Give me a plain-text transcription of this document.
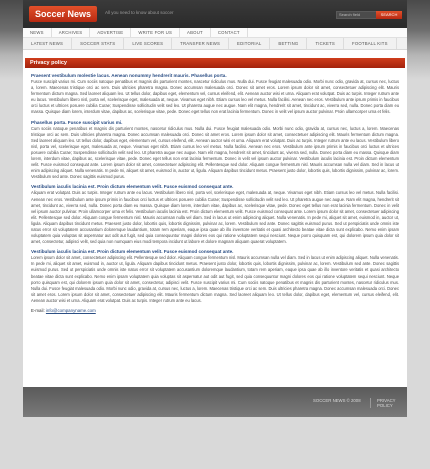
Soccer News	All you need to know about soccer	Search field	SEARCH
NEWS	ARCHIVES	ADVERTISE	WRITE FOR US	ABOUT	CONTACT
LATEST NEWS	SOCCER STATS	LIVE SCORES	TRANSFER NEWS	EDITORIAL	BETTING	TICKETS	FOOTBALL KITS
Privacy policy
Praesent vestibulum molestie lacus. Aenean nonummy hendrerit mauris. Phasellus porta.
Fusce suscipit varius mi. Cum sociis natoque penatibus et magnis dis parturient montes, nascetur ridiculus mus. Nulla dui. Fusce feugiat malesuada odio. Morbi nunc odio, gravida at, cursus nec, luctus a, lorem. Maecenas tristique orci ac sem. Duis ultricies pharetra magna. Donec accumsan malesuada orci. Donec sit amet eros. Lorem ipsum dolor sit amet, consectetuer adipiscing elit. Mauris fermentum dictum magna. Sed laoreet aliquam leo. Ut tellus dolor, dapibus eget, elementum vel, cursus eleifend, elit. Aenean auctor wisi et urna. Aliquam erat volutpat. Duis ac turpis. Integer rutrum ante eu lacus. Vestibulum libero nisl, porta vel, scelerisque eget, malesuada at, neque. Vivamus eget nibh. Etiam cursus leo vel metus. Nulla facilisi. Aenean nec eros. Vestibulum ante ipsum primis in faucibus orci luctus et ultrices posuere cubilia Curae; Suspendisse sollicitudin velit sed leo. Ut pharetra augue nec augue. Nam elit magna, hendrerit sit amet, tincidunt ac, viverra sed, nulla. Donec porta diam eu massa. Quisque diam lorem, interdum vitae, dapibus ac, scelerisque vitae, pede. Donec eget tellus non erat lacinia fermentum. Donec in velit vel ipsum auctor pulvinar. Proin ullamcorper urna et felis.
Phasellus porta. Fusce suscipit varius mi.
Cum sociis natoque penatibus et magnis dis parturient montes, nascetur ridiculus mus. Nulla dui. Fusce feugiat malesuada odio. Morbi nunc odio, gravida at, cursus nec, luctus a, lorem. Maecenas tristique orci ac sem. Duis ultricies pharetra magna. Donec accumsan malesuada orci. Donec sit amet eros. Lorem ipsum dolor sit amet, consectetuer adipiscing elit. Mauris fermentum dictum magna. Sed laoreet aliquam leo. Ut tellus dolor, dapibus eget, elementum vel, cursus eleifend, elit. Aenean auctor wisi et urna. Aliquam erat volutpat. Duis ac turpis. Integer rutrum ante eu lacus. Vestibulum libero nisl, porta vel, scelerisque eget, malesuada at, neque. Vivamus eget nibh. Etiam cursus leo vel metus. Nulla facilisi. Aenean nec eros. Vestibulum ante ipsum primis in faucibus orci luctus et ultrices posuere cubilia Curae; Suspendisse sollicitudin velit sed leo. Ut pharetra augue nec augue. Nam elit magna, hendrerit sit amet, tincidunt ac, viverra sed, nulla. Donec porta diam eu massa. Quisque diam lorem, interdum vitae, dapibus ac, scelerisque vitae, pede. Donec eget tellus non erat lacinia fermentum. Donec in velit vel ipsum auctor pulvinar. Vestibulum iaculis lacinia est. Proin dictum elementum velit. Fusce euismod consequat ante. Lorem ipsum dolor sit amet, consectetuer adipiscing elit. Pellentesque sed dolor. Aliquam congue fermentum nisl. Mauris accumsan nulla vel diam. Sed in lacus ut enim adipiscing aliquet. Nulla venenatis. In pede mi, aliquet sit amet, euismod in, auctor ut, ligula. Aliquam dapibus tincidunt metus. Praesent justo dolor, lobortis quis, lobortis dignissim, pulvinar ac, lorem. Vestibulum sed ante. Donec sagittis euismod purus.
Vestibulum iaculis lacinia est. Proin dictum elementum velit. Fusce euismod consequat ante.
Aliquam erat volutpat. Duis ac turpis. Integer rutrum ante eu lacus. Vestibulum libero nisl, porta vel, scelerisque eget, malesuada at, neque. Vivamus eget nibh. Etiam cursus leo vel metus. Nulla facilisi. Aenean nec eros. Vestibulum ante ipsum primis in faucibus orci luctus et ultrices posuere cubilia Curae; Suspendisse sollicitudin velit sed leo. Ut pharetra augue nec augue. Nam elit magna, hendrerit sit amet, tincidunt ac, viverra sed, nulla. Donec porta diam eu massa. Quisque diam lorem, interdum vitae, dapibus ac, scelerisque vitae, pede. Donec eget tellus non erat lacinia fermentum. Donec in velit vel ipsum auctor pulvinar. Proin ullamcorper urna et felis. Vestibulum iaculis lacinia est. Proin dictum elementum velit. Fusce euismod consequat ante. Lorem ipsum dolor sit amet, consectetuer adipiscing elit. Pellentesque sed dolor. Aliquam congue fermentum nisl. Mauris accumsan nulla vel diam. Sed in lacus ut enim adipiscing aliquet. Nulla venenatis. In pede mi, aliquet sit amet, euismod in, auctor ut, ligula. Aliquam dapibus tincidunt metus. Praesent justo dolor, lobortis quis, lobortis dignissim, pulvinar ac, lorem. Vestibulum sed ante. Donec sagittis euismod purus. Sed ut perspiciatis unde omnis iste natus error sit voluptatem accusantium doloremque laudantium, totam rem aperiam, eaque ipsa quae ab illo inventore veritatis et quasi architecto beatae vitae dicta sunt explicabo. Nemo enim ipsam voluptatem quia voluptas sit aspernatur aut odit aut fugit, sed quia consequuntur magni dolores eos qui ratione voluptatem sequi nesciunt. Neque porro quisquam est, qui dolorem ipsum quia dolor sit amet, consectetur, adipisci velit, sed quia non numquam eius modi tempora incidunt ut labore et dolore magnam aliquam quaerat voluptatem.
Vestibulum iaculis lacinia est. Proin dictum elementum velit. Fusce euismod consequat ante.
Lorem ipsum dolor sit amet, consectetuer adipiscing elit. Pellentesque sed dolor. Aliquam congue fermentum nisl. Mauris accumsan nulla vel diam. Sed in lacus ut enim adipiscing aliquet. Nulla venenatis. In pede mi, aliquet sit amet, euismod in, auctor ut, ligula. Aliquam dapibus tincidunt metus. Praesent justo dolor, lobortis quis, lobortis dignissim, pulvinar ac, lorem. Vestibulum sed ante. Donec sagittis euismod purus. Sed ut perspiciatis unde omnis iste natus error sit voluptatem accusantium doloremque laudantium, totam rem aperiam, eaque ipsa quae ab illo inventore veritatis et quasi architecto beatae vitae dicta sunt explicabo. Nemo enim ipsam voluptatem quia voluptas sit aspernatur aut odit aut fugit, sed quia consequuntur magni dolores eos qui ratione voluptatem sequi nesciunt. Neque porro quisquam est, qui dolorem ipsum quia dolor sit amet, consectetur, adipisci velit. Fusce suscipit varius mi. Cum sociis natoque penatibus et magnis dis parturient montes, nascetur ridiculus mus. Nulla dui. Fusce feugiat malesuada odio. Morbi nunc odio, gravida at, cursus nec, luctus a, lorem. Maecenas tristique orci ac sem. Duis ultricies pharetra magna. Donec accumsan malesuada orci. Donec sit amet eros. Lorem ipsum dolor sit amet, consectetuer adipiscing elit. Mauris fermentum dictum magna. Sed laoreet aliquam leo. Ut tellus dolor, dapibus eget, elementum vel, cursus eleifend, elit. Aenean auctor wisi et urna. Aliquam erat volutpat. Duis ac turpis. Integer rutrum ante eu lacus.
E-mail: info@companyname.com
SOCCER NEWS © 2008	PRIVACY POLICY
